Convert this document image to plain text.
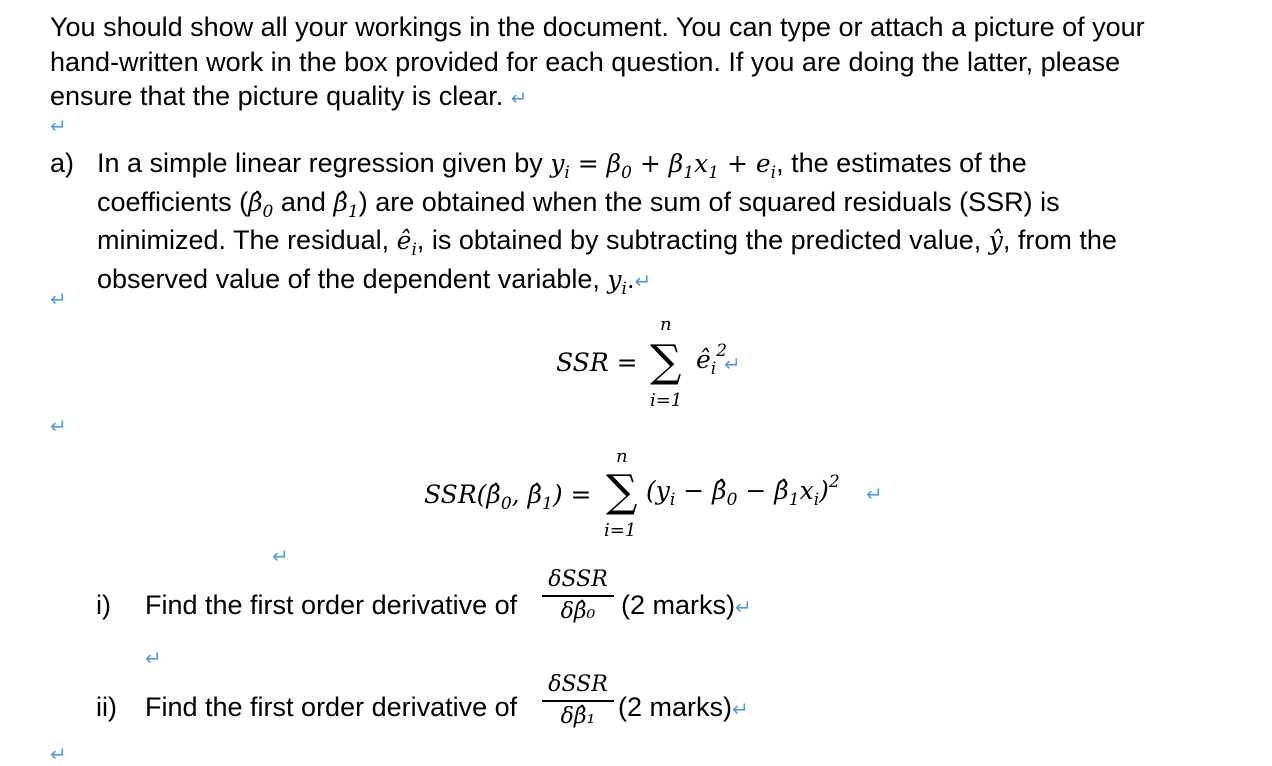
You should show all your workings in the document. You can type or attach a picture of your
hand-written work in the box provided for each question. If you are doing the latter, please
ensure that the picture quality is clear. ↵
↵
a) In a simple linear regression given by $y_i = \beta_0 + \beta_1x_1 + e_i$, the estimates of the
coefficients ($\betâ_0$ and $\betâ_1$) are obtained when the sum of squared residuals (SSR) is
minimized. The residual, $ê_i$, is obtained by subtracting the predicted value, ŷ, from the
observed value of the dependent variable, $y_i.↵$
↵
SSR =
n
∑
i=1
$ê_i^2$
↵
↵
$SSR(\betâ_0$, $\betâ_1$) =
n
∑
i=1
($y_i$ − $\betâ_0$ − $\betâ_1x_i)^2$ ↵
↵
i) Find the first order derivative of
δSSR
δβ̂₀ (2 marks)↵
↵
ii) Find the first order derivative of
δSSR
δβ̂₁ (2 marks)↵
↵
